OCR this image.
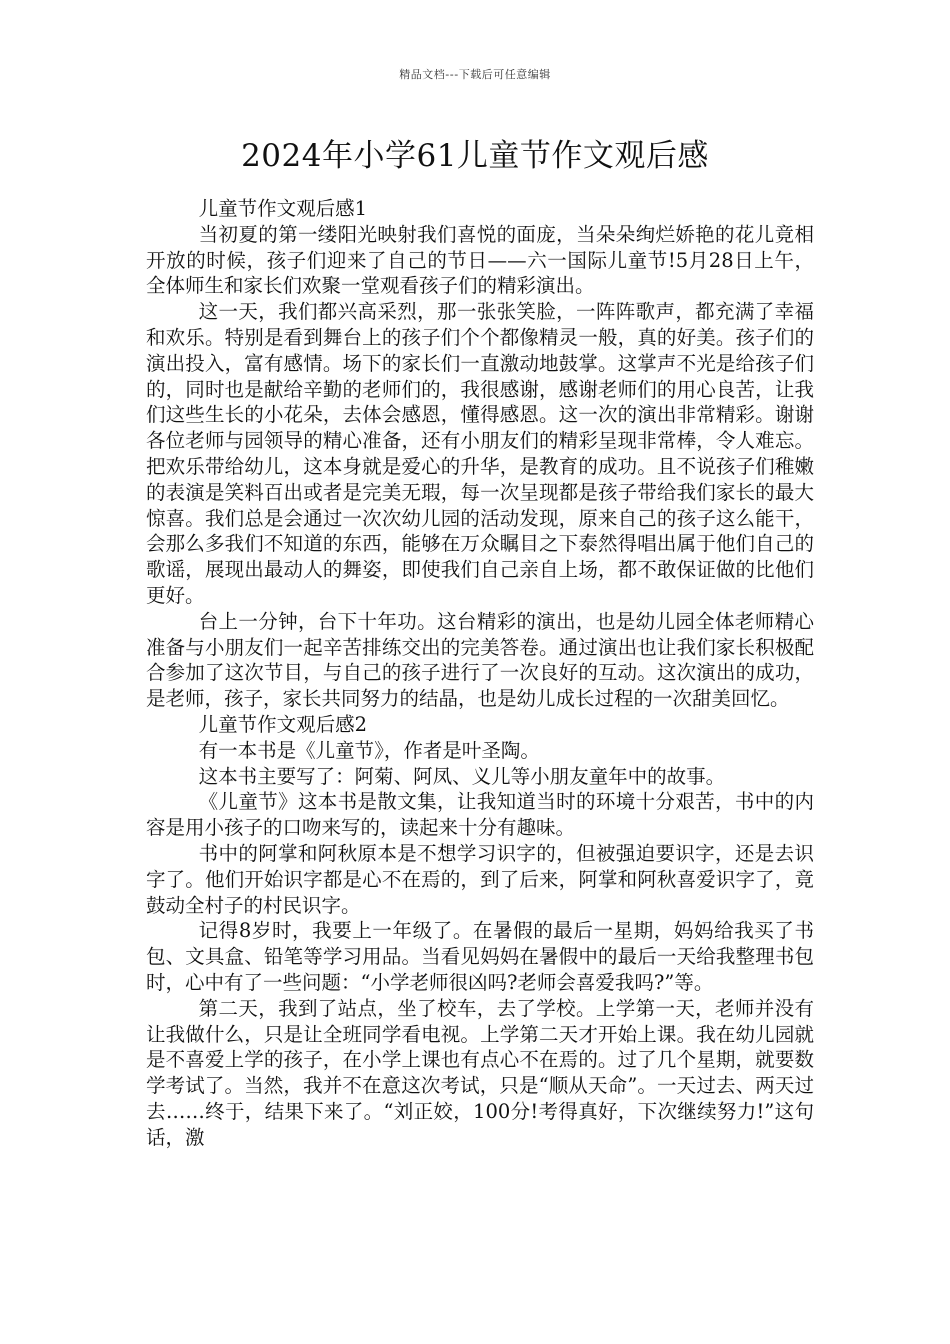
精品文档---下载后可任意编辑
2024年小学61儿童节作文观后感

儿童节作文观后感1

当初夏的第一缕阳光映射我们喜悦的面庞，当朵朵绚烂娇艳的花儿竟相开放的时候，孩子们迎来了自己的节日——六一国际儿童节!5月28日上午，全体师生和家长们欢聚一堂观看孩子们的精彩演出。

这一天，我们都兴高采烈，那一张张笑脸，一阵阵歌声，都充满了幸福和欢乐。特别是看到舞台上的孩子们个个都像精灵一般，真的好美。孩子们的演出投入，富有感情。场下的家长们一直激动地鼓掌。这掌声不光是给孩子们的，同时也是献给辛勤的老师们的，我很感谢，感谢老师们的用心良苦，让我们这些生长的小花朵，去体会感恩，懂得感恩。这一次的演出非常精彩。谢谢各位老师与园领导的精心准备，还有小朋友们的精彩呈现非常棒，令人难忘。把欢乐带给幼儿，这本身就是爱心的升华，是教育的成功。且不说孩子们稚嫩的表演是笑料百出或者是完美无瑕，每一次呈现都是孩子带给我们家长的最大惊喜。我们总是会通过一次次幼儿园的活动发现，原来自己的孩子这么能干，会那么多我们不知道的东西，能够在万众瞩目之下泰然得唱出属于他们自己的歌谣，展现出最动人的舞姿，即使我们自己亲自上场，都不敢保证做的比他们更好。

台上一分钟，台下十年功。这台精彩的演出，也是幼儿园全体老师精心准备与小朋友们一起辛苦排练交出的完美答卷。通过演出也让我们家长积极配合参加了这次节目，与自己的孩子进行了一次良好的互动。这次演出的成功，是老师，孩子，家长共同努力的结晶，也是幼儿成长过程的一次甜美回忆。

儿童节作文观后感2

有一本书是《儿童节》，作者是叶圣陶。

这本书主要写了：阿菊、阿凤、义儿等小朋友童年中的故事。

《儿童节》这本书是散文集，让我知道当时的环境十分艰苦，书中的内容是用小孩子的口吻来写的，读起来十分有趣味。

书中的阿掌和阿秋原本是不想学习识字的，但被强迫要识字，还是去识字了。他们开始识字都是心不在焉的，到了后来，阿掌和阿秋喜爱识字了，竟鼓动全村子的村民识字。

记得8岁时，我要上一年级了。在暑假的最后一星期，妈妈给我买了书包、文具盒、铅笔等学习用品。当看见妈妈在暑假中的最后一天给我整理书包时，心中有了一些问题：“小学老师很凶吗?老师会喜爱我吗?”等。

第二天，我到了站点，坐了校车，去了学校。上学第一天，老师并没有让我做什么，只是让全班同学看电视。上学第二天才开始上课。我在幼儿园就是不喜爱上学的孩子，在小学上课也有点心不在焉的。过了几个星期，就要数学考试了。当然，我并不在意这次考试，只是“顺从天命”。一天过去、两天过去……终于，结果下来了。“刘正姣，100分!考得真好，下次继续努力!”这句话，激
